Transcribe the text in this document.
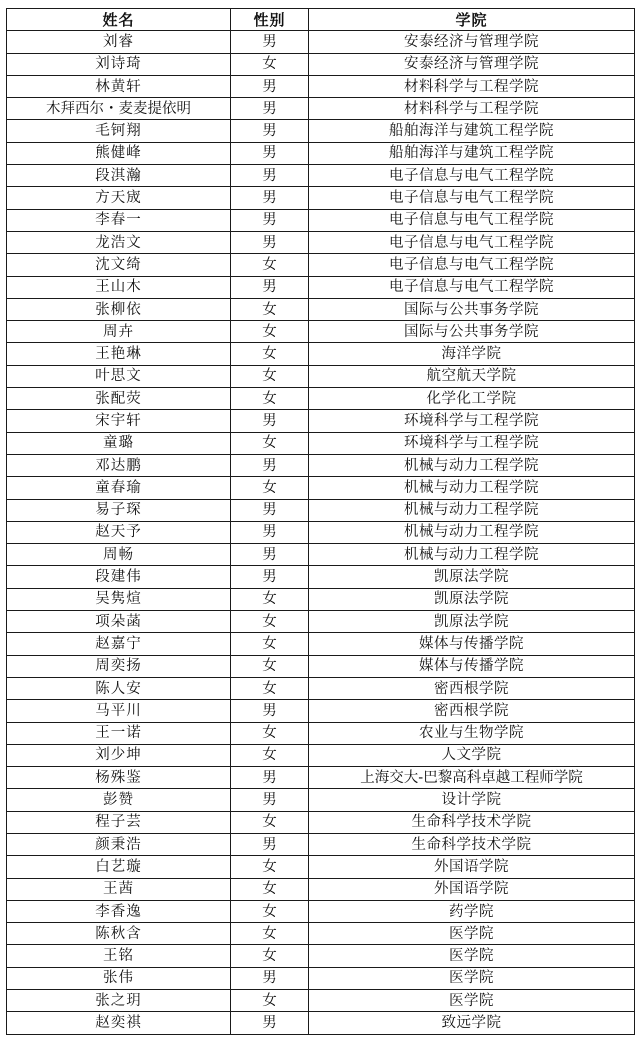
姓名	性别	学院
刘睿	男	安泰经济与管理学院
刘诗琦	女	安泰经济与管理学院
林黄轩	男	材料科学与工程学院
木拜西尔・麦麦提依明	男	材料科学与工程学院
毛钶翔	男	船舶海洋与建筑工程学院
熊健峰	男	船舶海洋与建筑工程学院
段淇瀚	男	电子信息与电气工程学院
方天宬	男	电子信息与电气工程学院
李春一	男	电子信息与电气工程学院
龙浩文	男	电子信息与电气工程学院
沈文绮	女	电子信息与电气工程学院
王山木	男	电子信息与电气工程学院
张柳依	女	国际与公共事务学院
周卉	女	国际与公共事务学院
王艳琳	女	海洋学院
叶思文	女	航空航天学院
张配荧	女	化学化工学院
宋宇轩	男	环境科学与工程学院
童璐	女	环境科学与工程学院
邓达鹏	男	机械与动力工程学院
童春瑜	女	机械与动力工程学院
易子琛	男	机械与动力工程学院
赵天予	男	机械与动力工程学院
周畅	男	机械与动力工程学院
段建伟	男	凯原法学院
吴隽煊	女	凯原法学院
项朵菡	女	凯原法学院
赵嘉宁	女	媒体与传播学院
周奕扬	女	媒体与传播学院
陈人安	女	密西根学院
马平川	男	密西根学院
王一诺	女	农业与生物学院
刘少坤	女	人文学院
杨殊鉴	男	上海交大-巴黎高科卓越工程师学院
彭赞	男	设计学院
程子芸	女	生命科学技术学院
颜秉浩	男	生命科学技术学院
白艺璇	女	外国语学院
王茜	女	外国语学院
李香逸	女	药学院
陈秋含	女	医学院
王铭	女	医学院
张伟	男	医学院
张之玥	女	医学院
赵奕祺	男	致远学院
